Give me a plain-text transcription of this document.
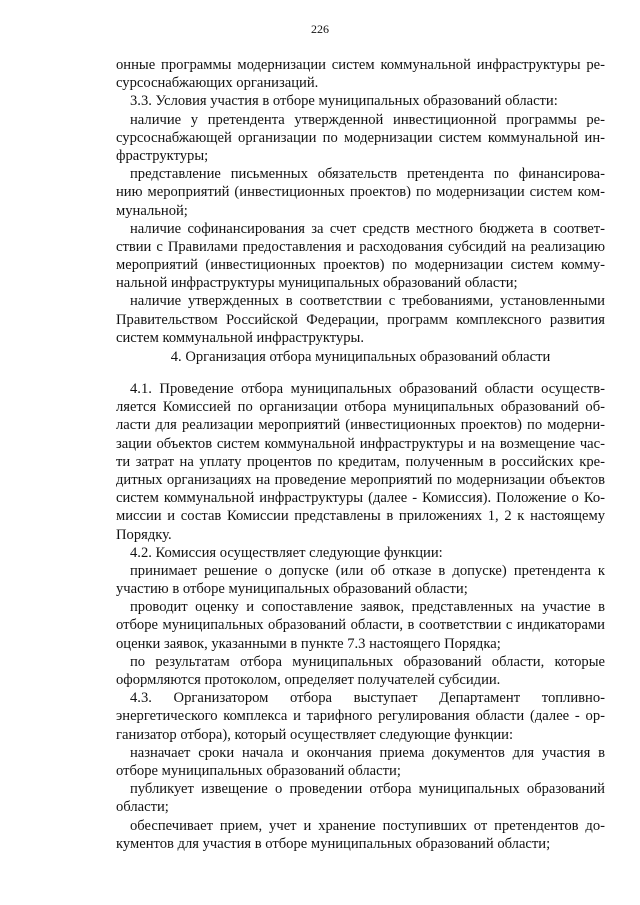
226
онные программы модернизации систем коммунальной инфраструктуры ре-
сурсоснабжающих организаций.
3.3. Условия участия в отборе муниципальных образований области:
наличие у претендента утвержденной инвестиционной программы ре-
сурсоснабжающей организации по модернизации систем коммунальной ин-
фраструктуры;
представление письменных обязательств претендента по финансирова-
нию мероприятий (инвестиционных проектов) по модернизации систем ком-
мунальной;
наличие софинансирования за счет средств местного бюджета в соответ-
ствии с Правилами предоставления и расходования субсидий на реализацию
мероприятий (инвестиционных проектов) по модернизации систем комму-
нальной инфраструктуры муниципальных образований области;
наличие утвержденных в соответствии с требованиями, установленными
Правительством Российской Федерации, программ комплексного развития
систем коммунальной инфраструктуры.
4. Организация отбора муниципальных образований области
4.1. Проведение отбора муниципальных образований области осуществ-
ляется Комиссией по организации отбора муниципальных образований об-
ласти для реализации мероприятий (инвестиционных проектов) по модерни-
зации объектов систем коммунальной инфраструктуры и на возмещение час-
ти затрат на уплату процентов по кредитам, полученным в российских кре-
дитных организациях на проведение мероприятий по модернизации объектов
систем коммунальной инфраструктуры (далее - Комиссия). Положение о Ко-
миссии и состав Комиссии представлены в приложениях 1, 2 к настоящему
Порядку.
4.2. Комиссия осуществляет следующие функции:
принимает решение о допуске (или об отказе в допуске) претендента к
участию в отборе муниципальных образований области;
проводит оценку и сопоставление заявок, представленных на участие в
отборе муниципальных образований области, в соответствии с индикаторами
оценки заявок, указанными в пункте 7.3 настоящего Порядка;
по результатам отбора муниципальных образований области, которые
оформляются протоколом, определяет получателей субсидии.
4.3. Организатором отбора выступает Департамент топливно-
энергетического комплекса и тарифного регулирования области (далее - ор-
ганизатор отбора), который осуществляет следующие функции:
назначает сроки начала и окончания приема документов для участия в
отборе муниципальных образований области;
публикует извещение о проведении отбора муниципальных образований
области;
обеспечивает прием, учет и хранение поступивших от претендентов до-
кументов для участия в отборе муниципальных образований области;
